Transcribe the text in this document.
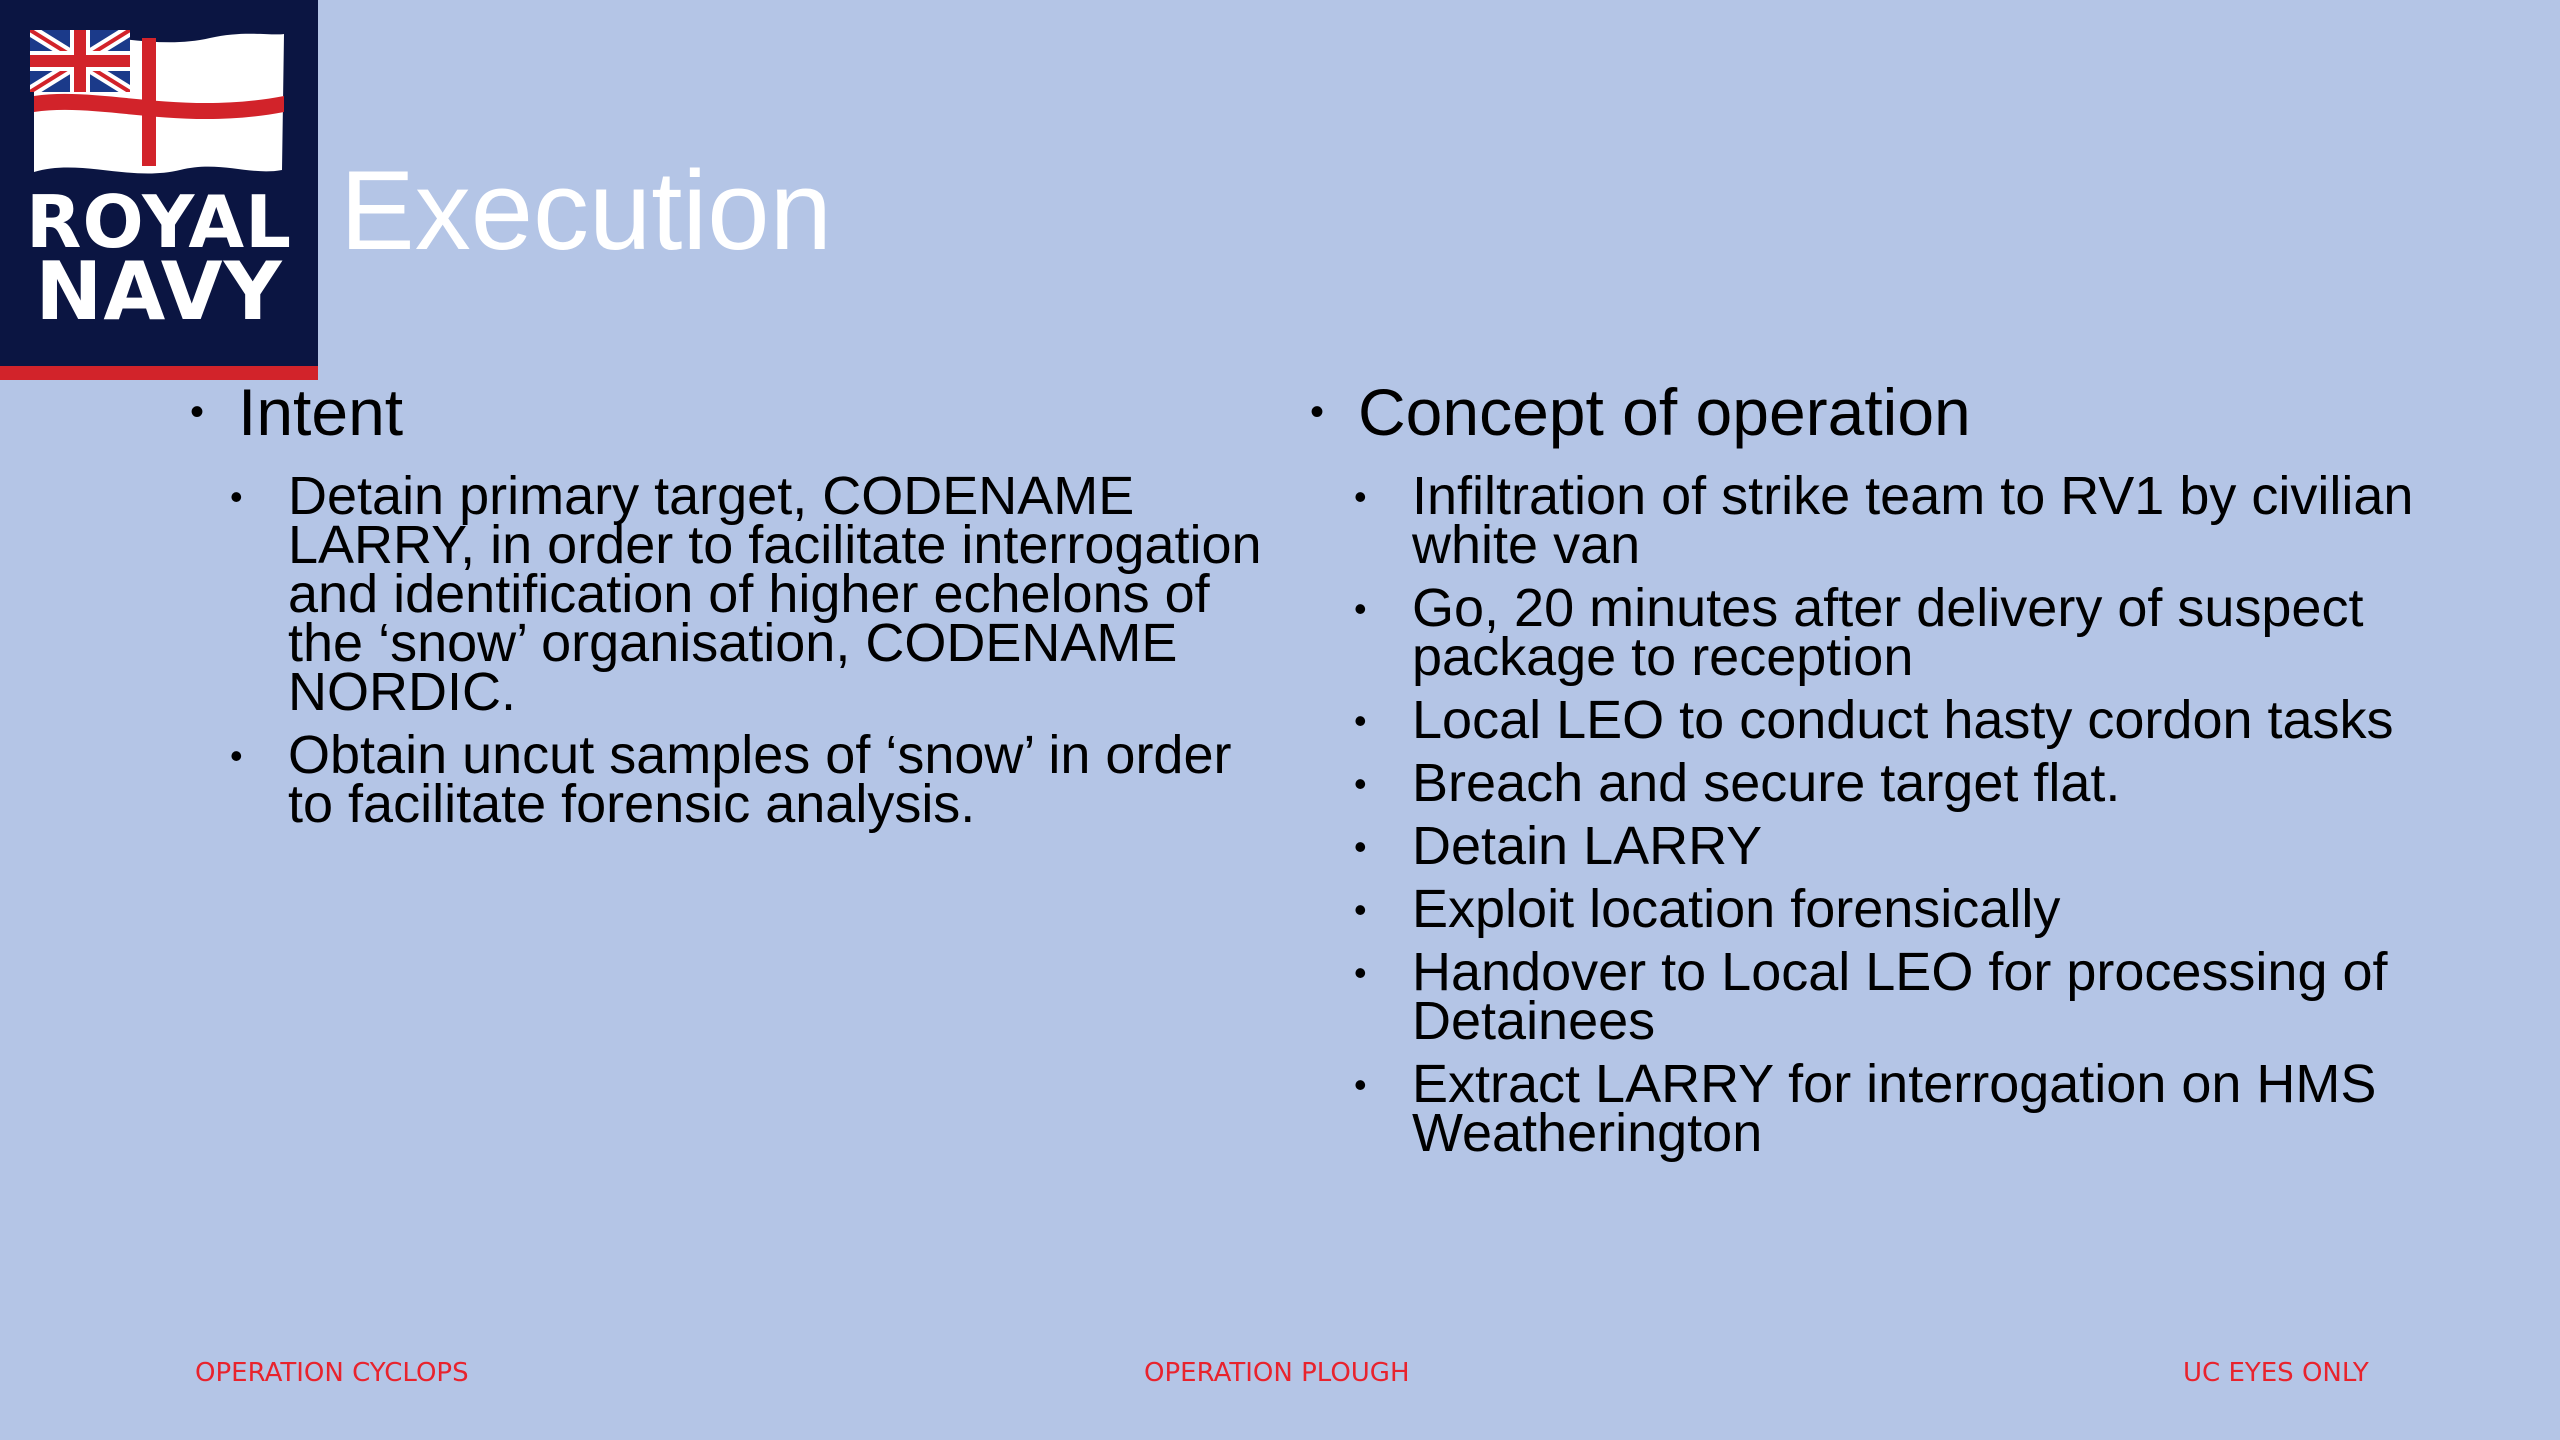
ROYAL
NAVY
Execution
• Intent
• Detain primary target, CODENAME LARRY, in order to facilitate interrogation and identification of higher echelons of the ‘snow’ organisation, CODENAME NORDIC.
• Obtain uncut samples of ‘snow’ in order to facilitate forensic analysis.
• Concept of operation
• Infiltration of strike team to RV1 by civilian white van
• Go, 20 minutes after delivery of suspect package to reception
• Local LEO to conduct hasty cordon tasks
• Breach and secure target flat.
• Detain LARRY
• Exploit location forensically
• Handover to Local LEO for processing of Detainees
• Extract LARRY for interrogation on HMS Weatherington
OPERATION CYCLOPS	OPERATION PLOUGH	UC EYES ONLY
